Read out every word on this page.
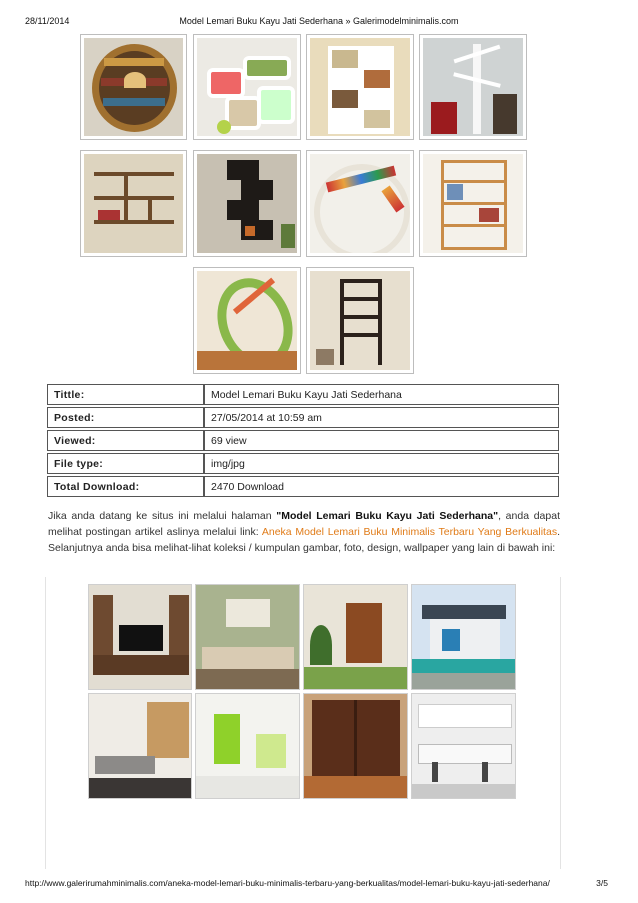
28/11/2014	Model Lemari Buku Kayu Jati Sederhana » Galerimodelminimalis.com
Tittle:	Model Lemari Buku Kayu Jati Sederhana
Posted:	27/05/2014 at 10:59 am
Viewed:	69 view
File type:	img/jpg
Total Download:	2470 Download
Jika anda datang ke situs ini melalui halaman "Model Lemari Buku Kayu Jati Sederhana", anda dapat melihat postingan artikel aslinya melalui link: Aneka Model Lemari Buku Minimalis Terbaru Yang Berkualitas. Selanjutnya anda bisa melihat-lihat koleksi / kumpulan gambar, foto, design, wallpaper yang lain di bawah ini:
http://www.galerirumahminimalis.com/aneka-model-lemari-buku-minimalis-terbaru-yang-berkualitas/model-lemari-buku-kayu-jati-sederhana/	3/5
